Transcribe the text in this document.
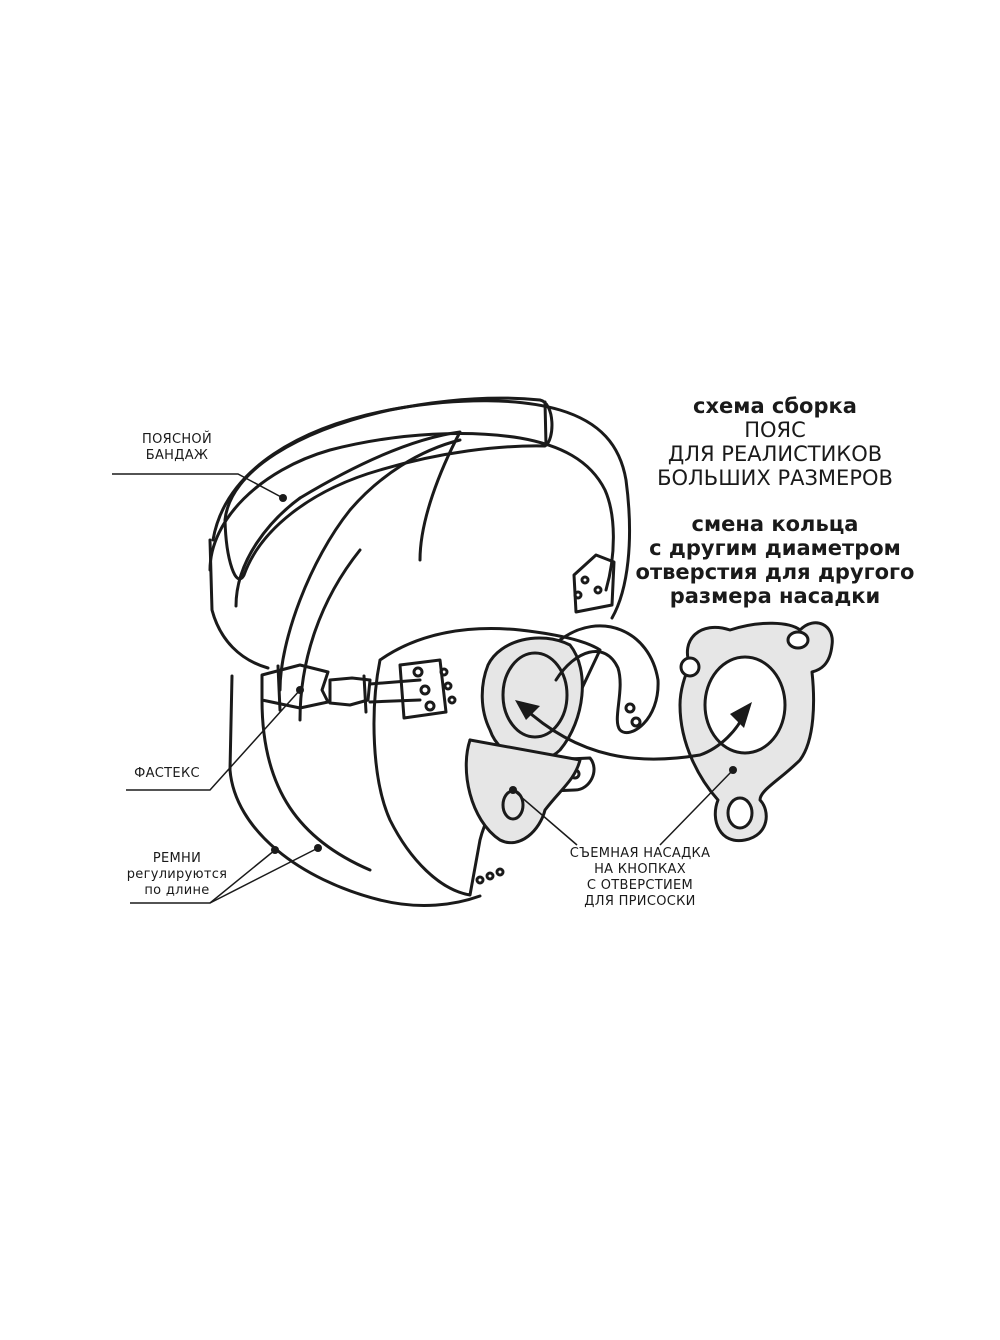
схема сборка
ПОЯС
ДЛЯ РЕАЛИСТИКОВ
БОЛЬШИХ РАЗМЕРОВ
смена кольца
с другим диаметром
отверстия для другого
размера насадки
ПОЯСНОЙ
БАНДАЖ
ФАСТЕКС
РЕМНИ
регулируются
по длине
СЪЕМНАЯ НАСАДКА
НА КНОПКАХ
С ОТВЕРСТИЕМ
ДЛЯ ПРИСОСКИ
